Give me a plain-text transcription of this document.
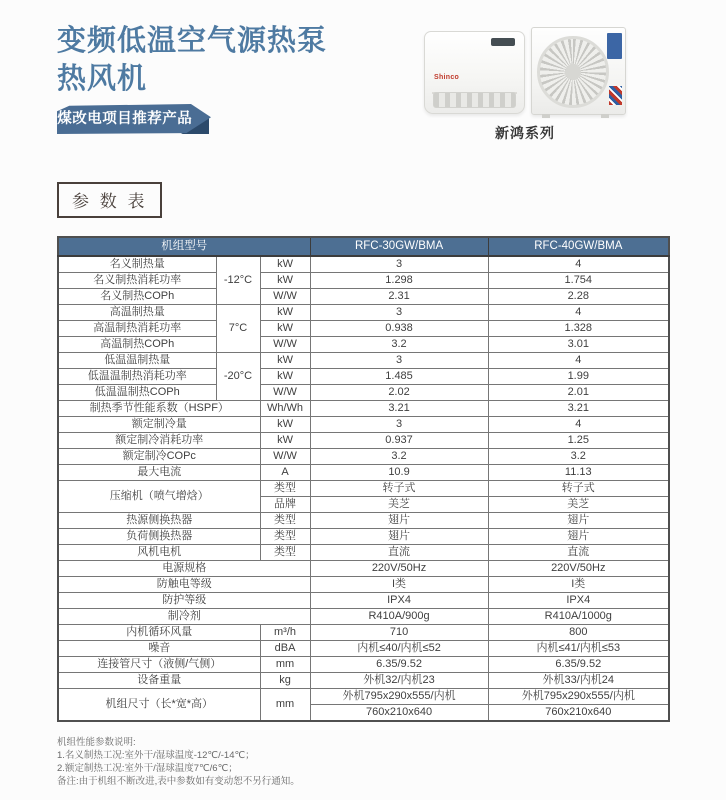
变频低温空气源热泵
热风机
煤改电项目推荐产品
Shinco
新鸿系列
参 数 表
机组型号			RFC-30GW/BMA	RFC-40GW/BMA
名义制热量	-12°C	kW	3	4
名义制热消耗功率		kW	1.298	1.754
名义制热COPh		W/W	2.31	2.28
高温制热量	7°C	kW	3	4
高温制热消耗功率		kW	0.938	1.328
高温制热COPh		W/W	3.2	3.01
低温温制热量	-20°C	kW	3	4
低温温制热消耗功率		kW	1.485	1.99
低温温制热COPh		W/W	2.02	2.01
制热季节性能系数（HSPF）		Wh/Wh	3.21	3.21
额定制冷量		kW	3	4
额定制冷消耗功率		kW	0.937	1.25
额定制冷COPc		W/W	3.2	3.2
最大电流		A	10.9	11.13
压缩机（喷气增焓）		类型	转子式	转子式
		品牌	美芝	美芝
热源侧换热器		类型	翅片	翅片
负荷侧换热器		类型	翅片	翅片
风机电机		类型	直流	直流
电源规格			220V/50Hz	220V/50Hz
防触电等级			I类	I类
防护等级			IPX4	IPX4
制冷剂			R410A/900g	R410A/1000g
内机循环风量		m³/h	710	800
噪音		dBA	内机≤40/内机≤52	内机≤41/内机≤53
连接管尺寸（液侧/气侧）		mm	6.35/9.52	6.35/9.52
设备重量		kg	外机32/内机23	外机33/内机24
机组尺寸（长*宽*高）		mm	外机795x290x555/内机	外机795x290x555/内机
			760x210x640	760x210x640
机组性能参数说明:
1.名义制热工况:室外干/湿球温度-12℃/-14℃；
2.额定制热工况:室外干/湿球温度7℃/6℃；
备注:由于机组不断改进,表中参数如有变动恕不另行通知。
